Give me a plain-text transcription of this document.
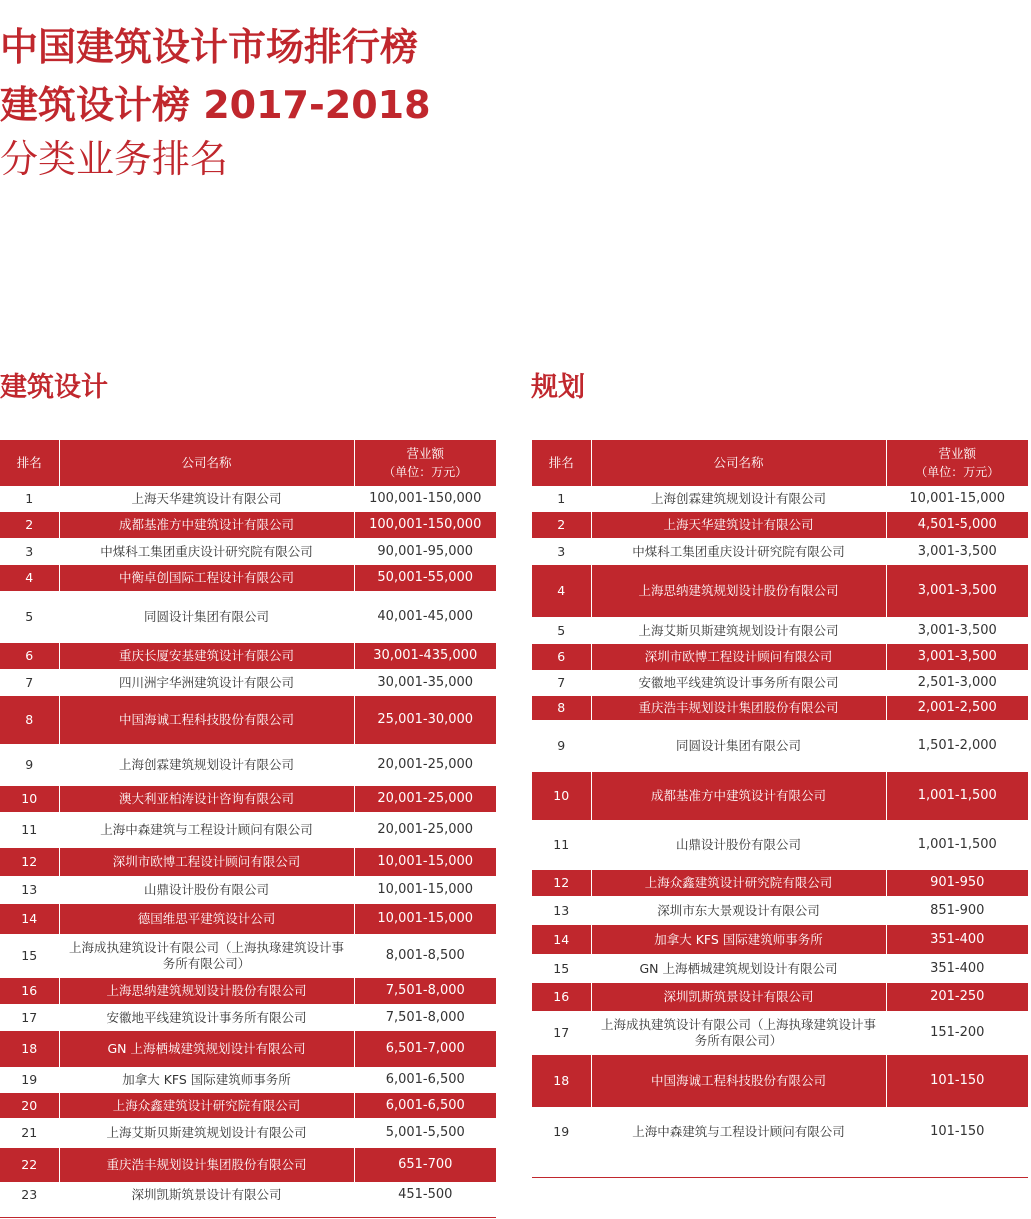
中国建筑设计市场排行榜
建筑设计榜 2017-2018
分类业务排名
建筑设计	规划
排名	公司名称	营业额
（单位：万元）

1	上海天华建筑设计有限公司	100,001-150,000
2	成都基准方中建筑设计有限公司	100,001-150,000
3	中煤科工集团重庆设计研究院有限公司	90,001-95,000
4	中衡卓创国际工程设计有限公司	50,001-55,000
5	同圆设计集团有限公司	40,001-45,000
6	重庆长厦安基建筑设计有限公司	30,001-435,000
7	四川洲宇华洲建筑设计有限公司	30,001-35,000
8	中国海诚工程科技股份有限公司	25,001-30,000
9	上海创霖建筑规划设计有限公司	20,001-25,000
10	澳大利亚柏涛设计咨询有限公司	20,001-25,000
11	上海中森建筑与工程设计顾问有限公司	20,001-25,000
12	深圳市欧博工程设计顾问有限公司	10,001-15,000
13	山鼎设计股份有限公司	10,001-15,000
14	德国维思平建筑设计公司	10,001-15,000
15	上海成执建筑设计有限公司（上海执瑑建筑设计事务所有限公司）	8,001-8,500
16	上海思纳建筑规划设计股份有限公司	7,501-8,000
17	安徽地平线建筑设计事务所有限公司	7,501-8,000
18	GN 上海栖城建筑规划设计有限公司	6,501-7,000
19	加拿大 KFS 国际建筑师事务所	6,001-6,500
20	上海众鑫建筑设计研究院有限公司	6,001-6,500
21	上海艾斯贝斯建筑规划设计有限公司	5,001-5,500
22	重庆浩丰规划设计集团股份有限公司	651-700
23	深圳凯斯筑景设计有限公司	451-500
排名	公司名称	营业额
（单位：万元）

1	上海创霖建筑规划设计有限公司	10,001-15,000
2	上海天华建筑设计有限公司	4,501-5,000
3	中煤科工集团重庆设计研究院有限公司	3,001-3,500
4	上海思纳建筑规划设计股份有限公司	3,001-3,500
5	上海艾斯贝斯建筑规划设计有限公司	3,001-3,500
6	深圳市欧博工程设计顾问有限公司	3,001-3,500
7	安徽地平线建筑设计事务所有限公司	2,501-3,000
8	重庆浩丰规划设计集团股份有限公司	2,001-2,500
9	同圆设计集团有限公司	1,501-2,000
10	成都基准方中建筑设计有限公司	1,001-1,500
11	山鼎设计股份有限公司	1,001-1,500
12	上海众鑫建筑设计研究院有限公司	901-950
13	深圳市东大景观设计有限公司	851-900
14	加拿大 KFS 国际建筑师事务所	351-400
15	GN 上海栖城建筑规划设计有限公司	351-400
16	深圳凯斯筑景设计有限公司	201-250
17	上海成执建筑设计有限公司（上海执瑑建筑设计事务所有限公司）	151-200
18	中国海诚工程科技股份有限公司	101-150
19	上海中森建筑与工程设计顾问有限公司	101-150
